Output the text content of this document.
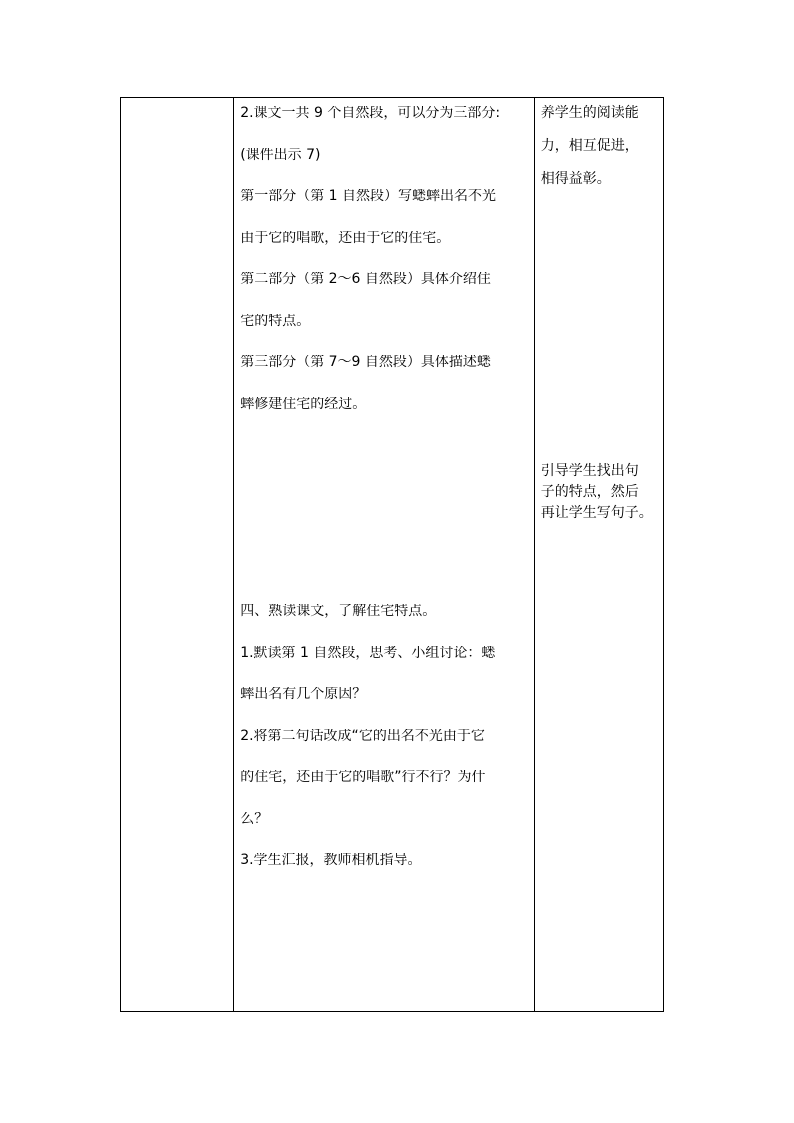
2.课文一共 9 个自然段，可以分为三部分:
(课件出示 7)
第一部分（第 1 自然段）写蟋蟀出名不光
由于它的唱歌，还由于它的住宅。
第二部分（第 2～6 自然段）具体介绍住
宅的特点。
第三部分（第 7～9 自然段）具体描述蟋
蟀修建住宅的经过。
四、熟读课文，了解住宅特点。
1.默读第 1 自然段，思考、小组讨论：蟋
蟀出名有几个原因？
2.将第二句话改成“它的出名不光由于它
的住宅，还由于它的唱歌”行不行？为什
么？
3.学生汇报，教师相机指导。

养学生的阅读能
力，相互促进，
相得益彰。
引导学生找出句
子的特点，然后
再让学生写句子。
